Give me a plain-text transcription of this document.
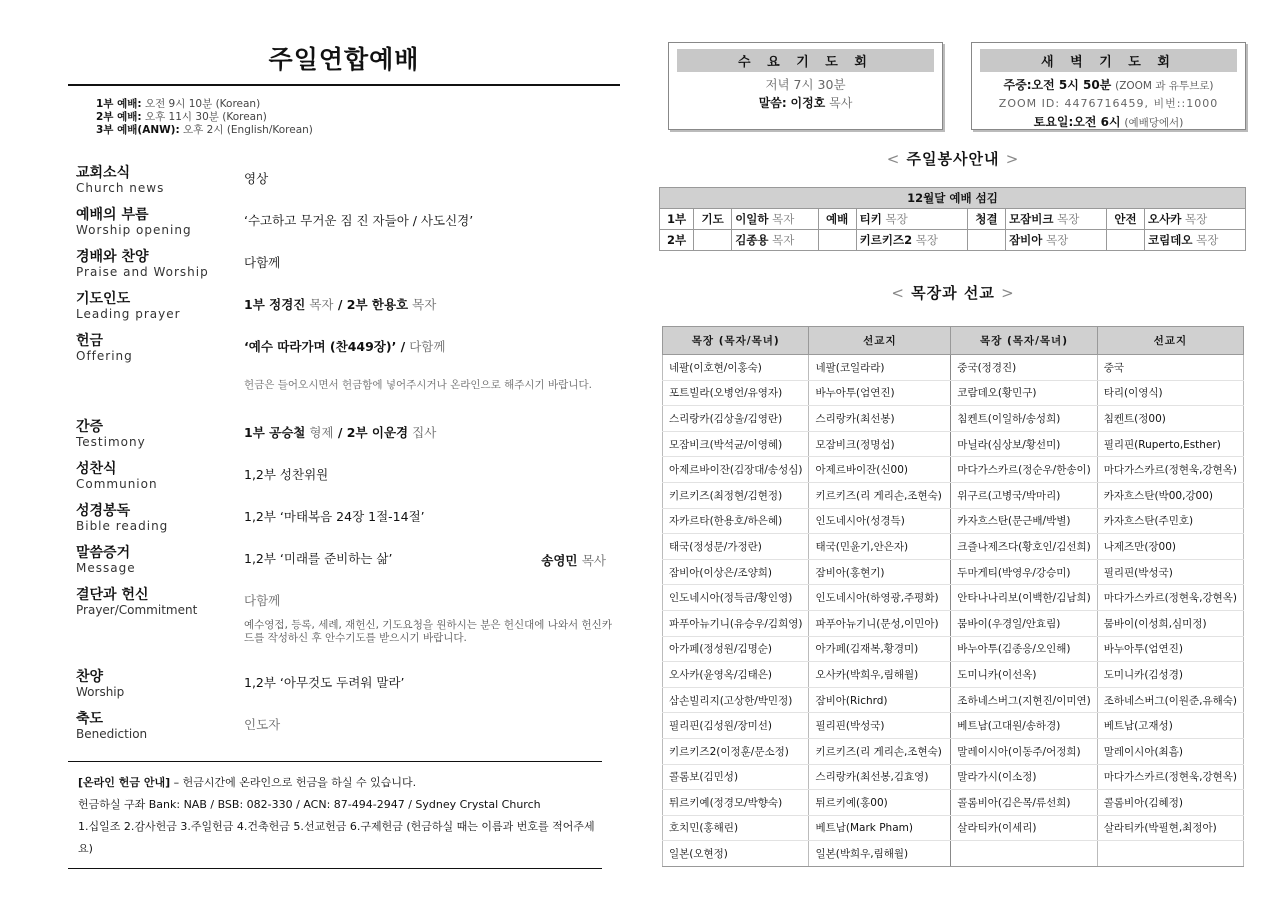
주일연합예배
1부 예배: 오전 9시 10분 (Korean)
2부 예배: 오후 11시 30분 (Korean)
3부 예배(ANW): 오후 2시 (English/Korean)
교회소식
Church news
영상
예배의 부름
Worship opening
‘수고하고 무거운 짐 진 자들아 / 사도신경’
경배와 찬양
Praise and Worship
다함께
기도인도
Leading prayer
1부 정경진 목자 / 2부 한용호 목자
헌금
Offering
‘예수 따라가며 (찬449장)’ / 다함께
헌금은 들어오시면서 헌금함에 넣어주시거나 온라인으로 해주시기 바랍니다.
간증
Testimony
1부 공승철 형제 / 2부 이운경 집사
성찬식
Communion
1,2부 성찬위원
성경봉독
Bible reading
1,2부 ‘마태복음 24장 1절-14절’
말씀증거
Message
1,2부 ‘미래를 준비하는 삶’	송영민 목사
결단과 헌신
Prayer/Commitment
다함께
예수영접, 등록, 세례, 재헌신, 기도요청을 원하시는 분은 헌신대에 나와서 헌신카드를 작성하신 후 안수기도를 받으시기 바랍니다.
찬양
Worship
1,2부 ‘아무것도 두려워 말라’
축도
Benediction
인도자
[온라인 헌금 안내] – 헌금시간에 온라인으로 헌금을 하실 수 있습니다.
헌금하실 구좌 Bank: NAB / BSB: 082-330 / ACN: 87-494-2947 / Sydney Crystal Church
1.십일조 2.감사헌금 3.주일헌금 4.건축헌금 5.선교헌금 6.구제헌금 (헌금하실 때는 이름과 번호를 적어주세요)
수 요 기 도 회
저녁 7시 30분
말씀: 이정호 목사
새 벽 기 도 회
주중:오전 5시 50분 (ZOOM 과 유투브로)
ZOOM ID: 4476716459, 비번::1000
토요일:오전 6시 (예배당에서)
< 주일봉사안내 >
12월달 예배 섬김								
1부	기도	이일하 목자	예배	티키 목장	청결	모잠비크 목장	안전	오사카 목장
2부		김종용 목자		키르키즈2 목장		잠비아 목장		코림데오 목장
< 목장과 선교 >
목장 (목자/목녀)	선교지	목장 (목자/목녀)	선교지
네팔(이호현/이홍숙)	네팔(코일라라)	중국(정경진)	중국
포트빌라(오병언/유영자)	바누아투(엄연진)	코람데오(황민구)	타리(이영식)
스리랑카(김상울/김영란)	스리랑카(최선봉)	침켄트(이일하/송성희)	침켄트(정00)
모잠비크(박석균/이영혜)	모잠비크(정명섭)	마닐라(심상보/황선미)	필리핀(Ruperto,Esther)
아제르바이잔(김장대/송성심)	아제르바이잔(신00)	마다가스카르(정순우/한송이)	마다가스카르(정현욱,강현옥)
키르키즈(최정현/김현정)	키르키즈(리 게리손,조현숙)	위구르(고병국/박마리)	카자흐스탄(박00,강00)
자카르타(한용호/하은혜)	인도네시아(성경득)	카자흐스탄(문근배/박별)	카자흐스탄(주민호)
태국(정성문/가정란)	태국(민윤기,안은자)	크즐나제즈다(황호인/김선희)	나제즈만(장00)
잠비아(이상은/조양희)	잠비아(홍현기)	두마게티(박영우/강승미)	필리핀(박성국)
인도네시아(정득금/황인영)	인도네시아(하영광,주평화)	안타나나리보(이백한/김남희)	마다가스카르(정현욱,강현옥)
파푸아뉴기니(유승우/김희영)	파푸아뉴기니(문성,이민아)	뭄바이(우경일/안효림)	뭄바이(이성희,심미정)
아가페(정성원/김명순)	아가페(김재복,황경미)	바누아투(김종응/오인해)	바누아투(엄연진)
오사카(윤영옥/김태은)	오사카(박희우,림해월)	도미니카(이선옥)	도미니카(김성경)
삼손빌리지(고상한/박민정)	잠비아(Richrd)	조하네스버그(지현진/이미연)	조하네스버그(이원준,유해숙)
필리핀(김성원/장미선)	필리핀(박성국)	베트남(고대원/송하경)	베트남(고재성)
키르키즈2(이정훈/문소정)	키르키즈(리 게리손,조현숙)	말레이시아(이동주/어정희)	말레이시아(최흠)
콜롬보(김민성)	스리랑카(최선봉,김효영)	말라가시(이소정)	마다가스카르(정현욱,강현옥)
튀르키예(정경모/박향숙)	튀르키예(홍00)	콜롬비아(김은목/류선희)	콜롬비아(김혜정)
호치민(홍해린)	베트남(Mark Pham)	살라티카(이세리)	살라티카(박필현,최정아)
일본(오현정)	일본(박희우,림해월)		
